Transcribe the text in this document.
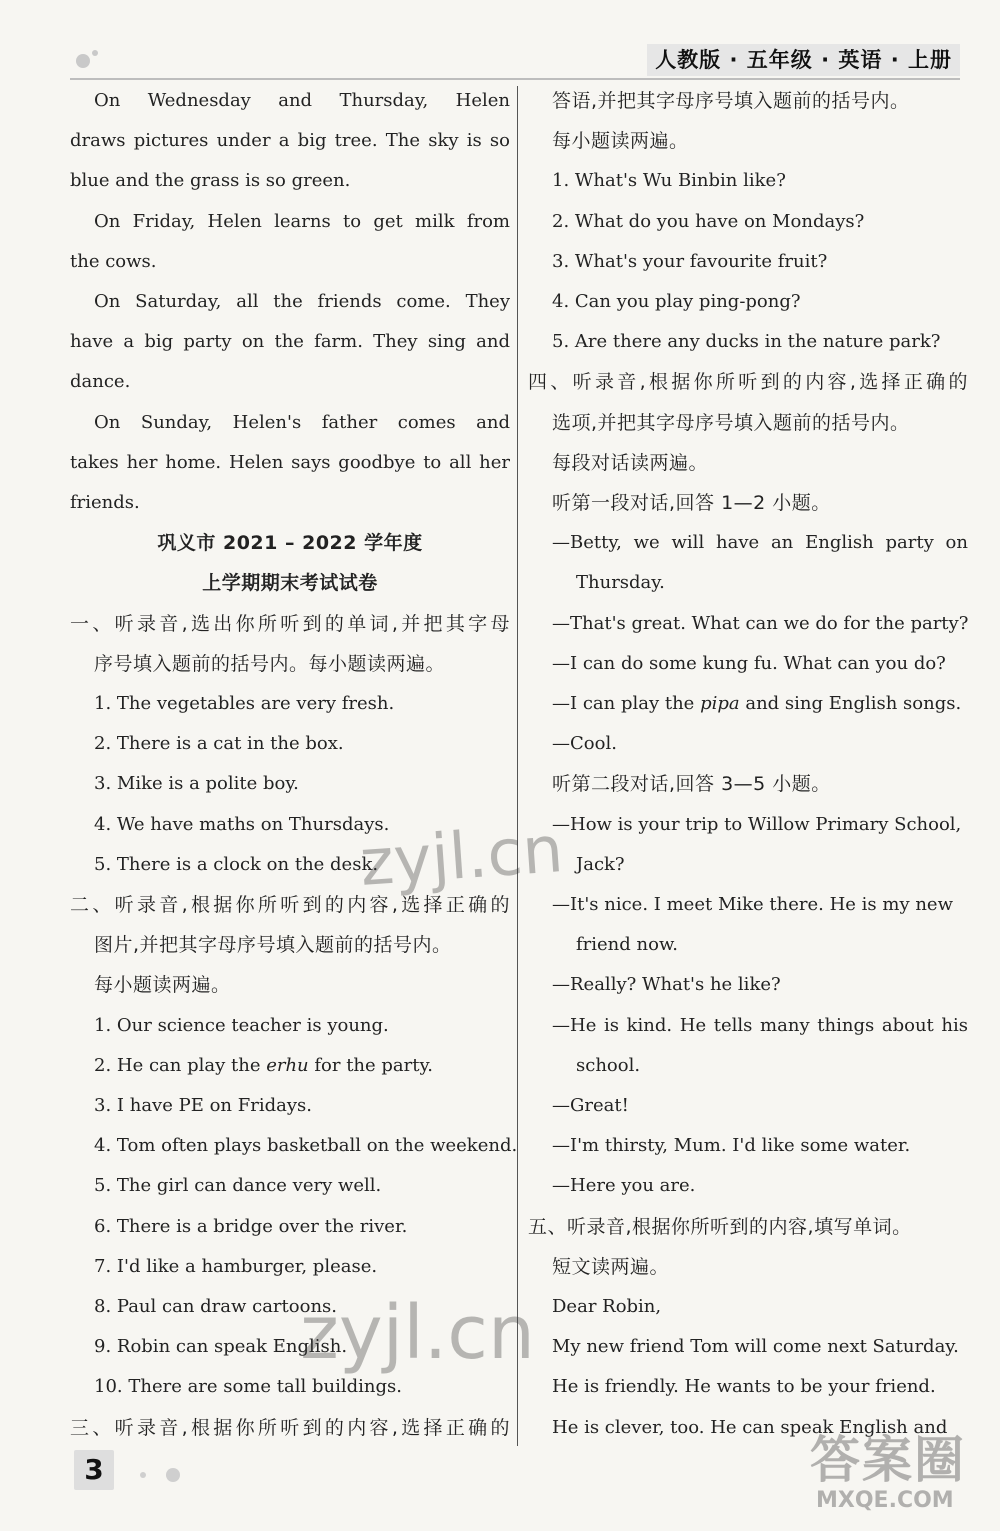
人教版 · 五年级 · 英语 · 上册
On Wednesday and Thursday, Helen
draws pictures under a big tree. The sky is so
blue and the grass is so green.
On Friday, Helen learns to get milk from
the cows.
On Saturday, all the friends come. They
have a big party on the farm. They sing and
dance.
On Sunday, Helen's father comes and
takes her home. Helen says goodbye to all her
friends.
巩义市 2021 – 2022 学年度
上学期期末考试试卷
一、听录音,选出你所听到的单词,并把其字母
序号填入题前的括号内。每小题读两遍。
1. The vegetables are very fresh.
2. There is a cat in the box.
3. Mike is a polite boy.
4. We have maths on Thursdays.
5. There is a clock on the desk.
二、听录音,根据你所听到的内容,选择正确的
图片,并把其字母序号填入题前的括号内。
每小题读两遍。
1. Our science teacher is young.
2. He can play the erhu for the party.
3. I have PE on Fridays.
4. Tom often plays basketball on the weekend.
5. The girl can dance very well.
6. There is a bridge over the river.
7. I'd like a hamburger, please.
8. Paul can draw cartoons.
9. Robin can speak English.
10. There are some tall buildings.
三、听录音,根据你所听到的内容,选择正确的
答语,并把其字母序号填入题前的括号内。
每小题读两遍。
1. What's Wu Binbin like?
2. What do you have on Mondays?
3. What's your favourite fruit?
4. Can you play ping-pong?
5. Are there any ducks in the nature park?
四、听录音,根据你所听到的内容,选择正确的
选项,并把其字母序号填入题前的括号内。
每段对话读两遍。
听第一段对话,回答 1—2 小题。
—Betty, we will have an English party on
Thursday.
—That's great. What can we do for the party?
—I can do some kung fu. What can you do?
—I can play the pipa and sing English songs.
—Cool.
听第二段对话,回答 3—5 小题。
—How is your trip to Willow Primary School,
Jack?
—It's nice. I meet Mike there. He is my new
friend now.
—Really? What's he like?
—He is kind. He tells many things about his
school.
—Great!
—I'm thirsty, Mum. I'd like some water.
—Here you are.
五、听录音,根据你所听到的内容,填写单词。
短文读两遍。
Dear Robin,
My new friend Tom will come next Saturday.
He is friendly. He wants to be your friend.
He is clever, too. He can speak English and
zyjl.cn
zyjl.cn
3	答案圈
MXQE.COM
